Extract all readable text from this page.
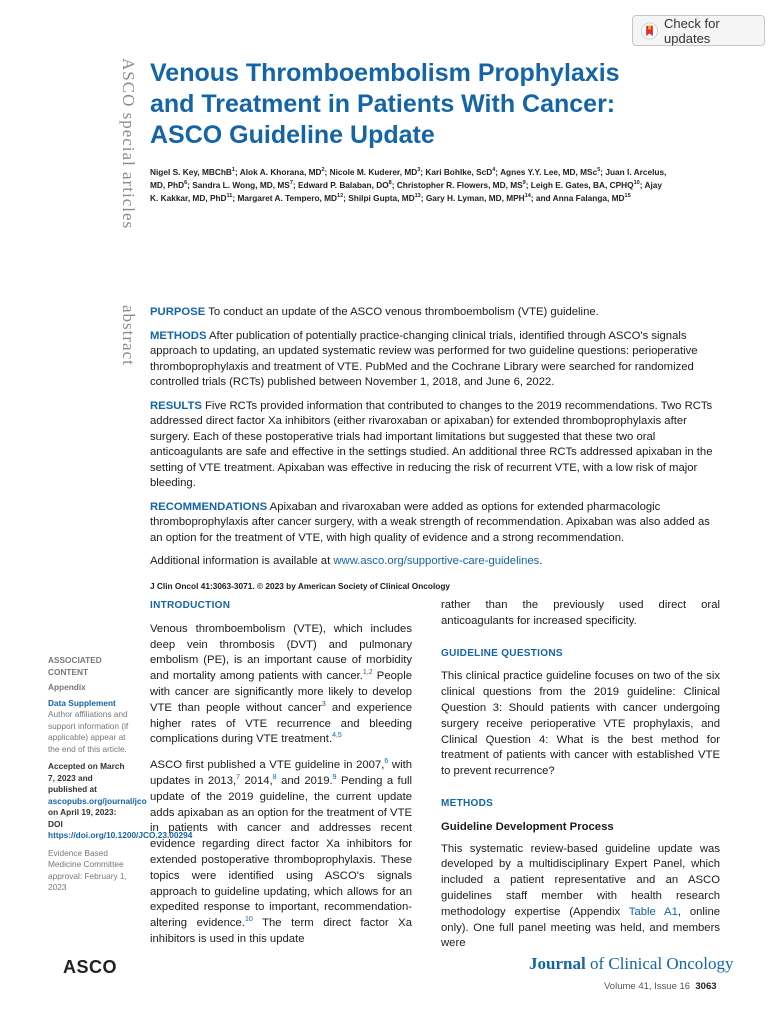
Check for updates
ASCO special articles
abstract
Venous Thromboembolism Prophylaxis and Treatment in Patients With Cancer: ASCO Guideline Update
Nigel S. Key, MBChB$^1$; Alok A. Khorana, $MD^2$; Nicole M. Kuderer, $MD^3$; Kari Bohlke, ScD$^4$; Agnes Y.Y. Lee, MD, MSc$^5$; Juan I. Arcelus, MD, PhD$^6$; Sandra L. Wong, MD, $MS^7$; Edward P. Balaban, $DO^8$; Christopher R. Flowers, MD, $MS^9$; Leigh E. Gates, BA, CPHQ$^{10}$; Ajay K. Kakkar, MD, PhD$^{11}$; Margaret A. Tempero, MD$^{12}$; Shilpi Gupta, MD$^{13}$; Gary H. Lyman, MD, MPH$^{14}$; and Anna Falanga, MD$^{15}$

PURPOSE To conduct an update of the ASCO venous thromboembolism (VTE) guideline.

METHODS After publication of potentially practice-changing clinical trials, identified through ASCO's signals approach to updating, an updated systematic review was performed for two guideline questions: perioperative thromboprophylaxis and treatment of VTE. PubMed and the Cochrane Library were searched for randomized controlled trials (RCTs) published between November 1, 2018, and June 6, 2022.

RESULTS Five RCTs provided information that contributed to changes to the 2019 recommendations. Two RCTs addressed direct factor Xa inhibitors (either rivaroxaban or apixaban) for extended thromboprophylaxis after surgery. Each of these postoperative trials had important limitations but suggested that these two oral anticoagulants are safe and effective in the settings studied. An additional three RCTs addressed apixaban in the setting of VTE treatment. Apixaban was effective in reducing the risk of recurrent VTE, with a low risk of major bleeding.

RECOMMENDATIONS Apixaban and rivaroxaban were added as options for extended pharmacologic thromboprophylaxis after cancer surgery, with a weak strength of recommendation. Apixaban was also added as an option for the treatment of VTE, with high quality of evidence and a strong recommendation.

Additional information is available at www.asco.org/supportive-care-guidelines.

J Clin Oncol 41:3063-3071. © 2023 by American Society of Clinical Oncology

ASSOCIATED CONTENT
Appendix
Data Supplement
Author affiliations and support information (if applicable) appear at the end of this article.
Accepted on March 7, 2023 and published at ascopubs.org/journal/jco on April 19, 2023: DOI https://doi.org/10.1200/JCO.23.00294
Evidence Based Medicine Committee approval: February 1, 2023
INTRODUCTION

Venous thromboembolism (VTE), which includes deep vein thrombosis (DVT) and pulmonary embolism (PE), is an important cause of morbidity and mortality among patients with cancer.$^{1,2}$ People with cancer are significantly more likely to develop VTE than people without cancer$^3$ and experience higher rates of VTE recurrence and bleeding complications during VTE treatment.$^{4,5}$

ASCO first published a VTE guideline in 2007,$^6$ with updates in 2013,$^7$ 2014,$^8$ and 2019.$^9$ Pending a full update of the 2019 guideline, the current update adds apixaban as an option for the treatment of VTE in patients with cancer and addresses recent evidence regarding direct factor Xa inhibitors for extended postoperative thromboprophylaxis. These topics were identified using ASCO's signals approach to guideline updating, which allows for an expedited response to important, recommendation-altering evidence.$^{10}$ The term direct factor Xa inhibitors is used in this update

rather than the previously used direct oral anticoagulants for increased specificity.

GUIDELINE QUESTIONS

This clinical practice guideline focuses on two of the six clinical questions from the 2019 guideline: Clinical Question 3: Should patients with cancer undergoing surgery receive perioperative VTE prophylaxis, and Clinical Question 4: What is the best method for treatment of patients with cancer with established VTE to prevent recurrence?

METHODS
Guideline Development Process

This systematic review-based guideline update was developed by a multidisciplinary Expert Panel, which included a patient representative and an ASCO guidelines staff member with health research methodology expertise (Appendix Table A1, online only). One full panel meeting was held, and members were

ASCO	Journal of Clinical Oncology
Volume 41, Issue 16 3063
